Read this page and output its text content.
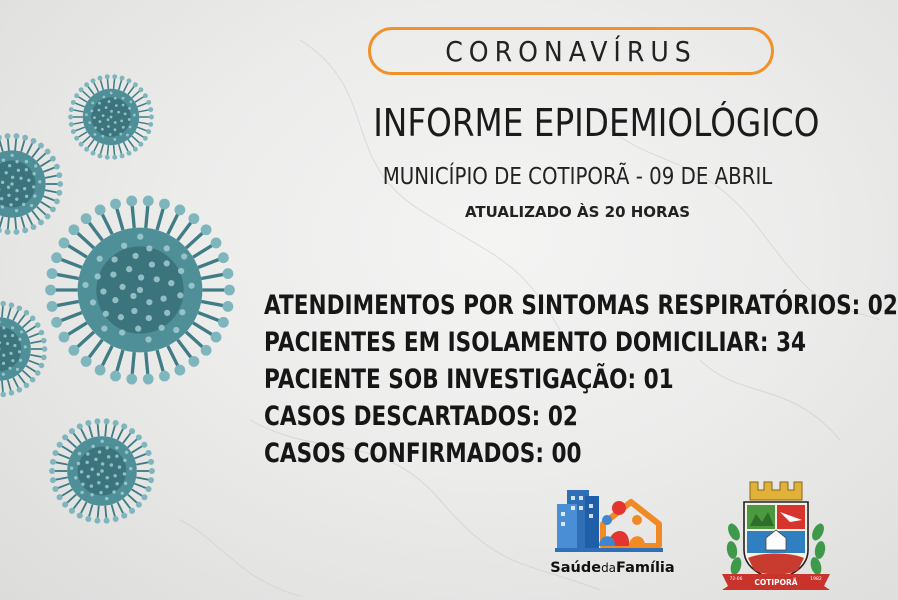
CORONAVÍRUS
INFORME EPIDEMIOLÓGICO
MUNICÍPIO DE COTIPORÃ - 09 DE ABRIL
ATUALIZADO ÀS 20 HORAS
ATENDIMENTOS POR SINTOMAS RESPIRATÓRIOS: 02
PACIENTES EM ISOLAMENTO DOMICILIAR: 34
PACIENTE SOB INVESTIGAÇÃO: 01
CASOS DESCARTADOS: 02
CASOS CONFIRMADOS: 00
SaúdedaFamília
COTIPORÃ
72-06	1982
